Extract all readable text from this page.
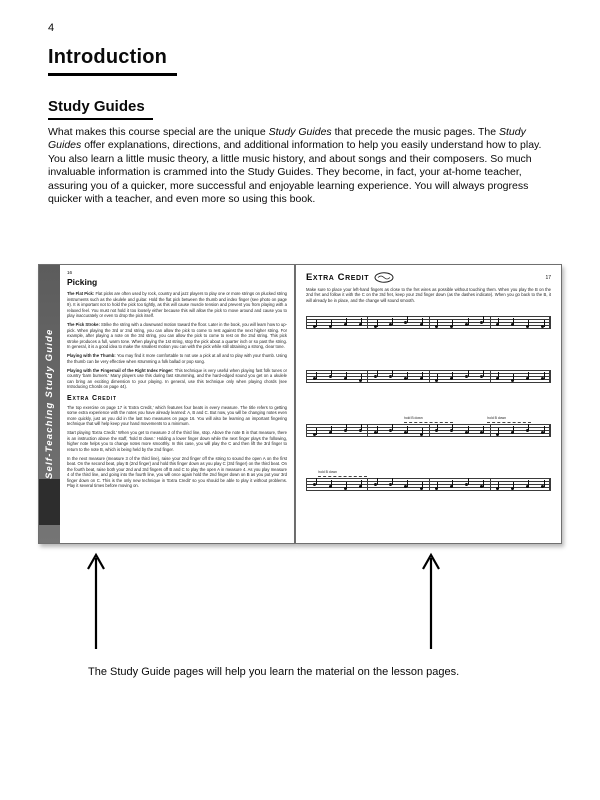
4
Introduction
Study Guides

What makes this course special are the unique Study Guides that precede the music pages. The Study Guides offer explanations, directions, and additional information to help you easily understand how to play. You also learn a little music theory, a little music history, and about songs and their composers. So much invaluable information is crammed into the Study Guides. They become, in fact, your at-home teacher, assuring you of a quicker, more successful and enjoyable learning experience. You will always progress quicker with a teacher, and even more so using this book.

Self-Teaching Study Guide
16
Picking

The Flat Pick: Flat picks are often used by rock, country and jazz players to play one or more strings on plucked string instruments such as the ukulele and guitar. Hold the flat pick between the thumb and index finger (see photo on page 9). It is important not to hold the pick too tightly, as this will cause muscle tension and prevent you from playing with a relaxed feel. You must not hold it too loosely either because this will allow the pick to move around and cause you to play inaccurately or even to drop the pick itself.

The Pick Stroke: Strike the string with a downward motion toward the floor. Later in the book, you will learn how to up-pick. When playing the 3rd or 2nd string, you can allow the pick to come to rest against the next higher string. For example, after playing a note on the 3rd string, you can allow the pick to come to rest on the 2nd string. This pick stroke produces a full, warm tone. When playing the 1st string, stop the pick about a quarter inch or so past the string. In general, it is a good idea to make the smallest motion you can with the pick while still obtaining a strong, clear tone.

Playing with the Thumb: You may find it more comfortable to not use a pick at all and to play with your thumb. Using the thumb can be very effective when strumming a folk ballad or pop song.

Playing with the Fingernail of the Right Index Finger: This technique is very useful when playing fast folk tunes or country 'barn burners.' Many players use this during fast strumming, and the hard-edged sound you get on a ukulele can bring an exciting dimension to your playing. In general, use this technique only when playing chords (see Introducing Chords on page 44).

Extra Credit

The top exercise on page 17 is 'Extra Credit,' which features four beats in every measure. The title refers to getting some extra experience with the notes you have already learned: A, B and C. But now, you will be changing notes even more quickly, just as you did in the last two measures on page 16. You will also be learning an important fingering technique that will help keep your hand movements to a minimum.

Start playing 'Extra Credit.' When you get to measure 2 of the third line, stop. Above the note B in that measure, there is an instruction above the staff, 'hold B down.' Holding a lower finger down while the next finger plays the following, higher note helps you to change notes more smoothly. In this case, you will play the C and then lift the 3rd finger to return to the note B, which is being held by the 2nd finger.

In the next measure (measure 3 of the third line), raise your 2nd finger off the string to sound the open A on the first beat. On the second beat, play B (2nd finger) and hold this finger down as you play C (3rd finger) on the third beat. On the fourth beat, raise both your 2nd and 3rd fingers off B and C to play the open A in measure 4. As you play measure 4 of the third line, and going into the fourth line, you will once again hold the 2nd finger down on B as you put your 3rd finger down on C. This is the only new technique in 'Extra Credit' so you should be able to play it without problems. Play it several times before moving on.

Extra Credit	17

Make sure to place your left-hand fingers as close to the fret wires as possible without touching them. When you play the B on the 2nd fret and follow it with the C on the 3rd fret, keep your 2nd finger down (as the dashes indicate). When you go back to the B, it will already be in place, and the change will sound smooth.

hold B down	hold B down
hold B down

The Study Guide pages will help you learn the material on the lesson pages.
